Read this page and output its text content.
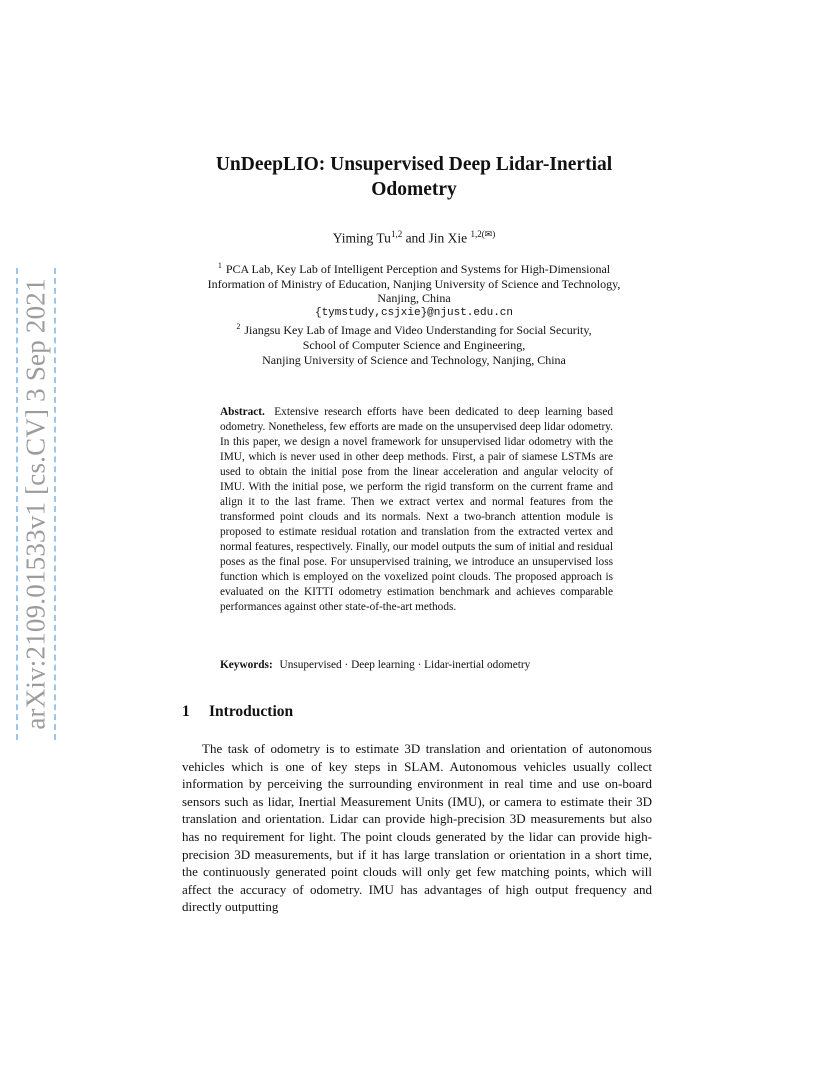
arXiv:2109.01533v1 [cs.CV] 3 Sep 2021
UnDeepLIO: Unsupervised Deep Lidar-Inertial
Odometry
Yiming Tu$^{1,2}$ and Jin Xie $^{1,2(✉)}$
$^1$ PCA Lab, Key Lab of Intelligent Perception and Systems for High-Dimensional
Information of Ministry of Education, Nanjing University of Science and Technology,
Nanjing, China
{tymstudy,csjxie}@njust.edu.cn
$^2$ Jiangsu Key Lab of Image and Video Understanding for Social Security,
School of Computer Science and Engineering,
Nanjing University of Science and Technology, Nanjing, China
Abstract. Extensive research efforts have been dedicated to deep learning based odometry. Nonetheless, few efforts are made on the unsupervised deep lidar odometry. In this paper, we design a novel framework for unsupervised lidar odometry with the IMU, which is never used in other deep methods. First, a pair of siamese LSTMs are used to obtain the initial pose from the linear acceleration and angular velocity of IMU. With the initial pose, we perform the rigid transform on the current frame and align it to the last frame. Then we extract vertex and normal features from the transformed point clouds and its normals. Next a two-branch attention module is proposed to estimate residual rotation and translation from the extracted vertex and normal features, respectively. Finally, our model outputs the sum of initial and residual poses as the final pose. For unsupervised training, we introduce an unsupervised loss function which is employed on the voxelized point clouds. The proposed approach is evaluated on the KITTI odometry estimation benchmark and achieves comparable performances against other state-of-the-art methods.
Keywords: Unsupervised · Deep learning · Lidar-inertial odometry
1 Introduction
The task of odometry is to estimate 3D translation and orientation of autonomous vehicles which is one of key steps in SLAM. Autonomous vehicles usually collect information by perceiving the surrounding environment in real time and use on-board sensors such as lidar, Inertial Measurement Units (IMU), or camera to estimate their 3D translation and orientation. Lidar can provide high-precision 3D measurements but also has no requirement for light. The point clouds generated by the lidar can provide high-precision 3D measurements, but if it has large translation or orientation in a short time, the continuously generated point clouds will only get few matching points, which will affect the accuracy of odometry. IMU has advantages of high output frequency and directly outputting
